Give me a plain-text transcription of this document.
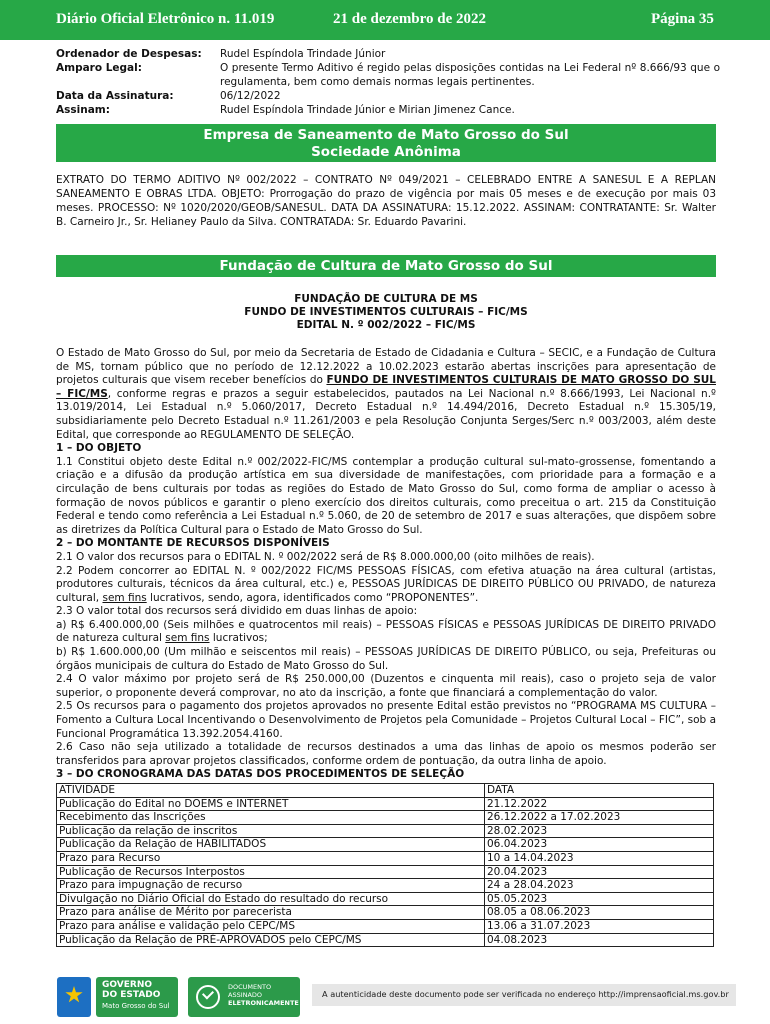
Diário Oficial Eletrônico n. 11.019	21 de dezembro de 2022	Página 35
Ordenador de Despesas:	Rudel Espíndola Trindade Júnior
Amparo Legal:	O presente Termo Aditivo é regido pelas disposições contidas na Lei Federal nº 8.666/93 que o regulamenta, bem como demais normas legais pertinentes.
Data da Assinatura:	06/12/2022
Assinam:	Rudel Espíndola Trindade Júnior e Mirian Jimenez Cance.
Empresa de Saneamento de Mato Grosso do Sul
Sociedade Anônima

EXTRATO DO TERMO ADITIVO Nº 002/2022 – CONTRATO Nº 049/2021 – CELEBRADO ENTRE A SANESUL E A REPLAN SANEAMENTO E OBRAS LTDA. OBJETO: Prorrogação do prazo de vigência por mais 05 meses e de execução por mais 03 meses. PROCESSO: Nº 1020/2020/GEOB/SANESUL. DATA DA ASSINATURA: 15.12.2022. ASSINAM: CONTRATANTE: Sr. Walter B. Carneiro Jr., Sr. Helianey Paulo da Silva. CONTRATADA: Sr. Eduardo Pavarini.

Fundação de Cultura de Mato Grosso do Sul
FUNDAÇÃO DE CULTURA DE MS
FUNDO DE INVESTIMENTOS CULTURAIS – FIC/MS
EDITAL N. º 002/2022 – FIC/MS

O Estado de Mato Grosso do Sul, por meio da Secretaria de Estado de Cidadania e Cultura – SECIC, e a Fundação de Cultura de MS, tornam público que no período de 12.12.2022 a 10.02.2023 estarão abertas inscrições para apresentação de projetos culturais que visem receber benefícios do FUNDO DE INVESTIMENTOS CULTURAIS DE MATO GROSSO DO SUL – FIC/MS, conforme regras e prazos a seguir estabelecidos, pautados na Lei Nacional n.º 8.666/1993, Lei Nacional n.º 13.019/2014, Lei Estadual n.º 5.060/2017, Decreto Estadual n.º 14.494/2016, Decreto Estadual n.º 15.305/19, subsidiariamente pelo Decreto Estadual n.º 11.261/2003 e pela Resolução Conjunta Serges/Serc n.º 003/2003, além deste Edital, que corresponde ao REGULAMENTO DE SELEÇÃO.

1 – DO OBJETO

1.1 Constitui objeto deste Edital n.º 002/2022-FIC/MS contemplar a produção cultural sul-mato-grossense, fomentando a criação e a difusão da produção artística em sua diversidade de manifestações, com prioridade para a formação e a circulação de bens culturais por todas as regiões do Estado de Mato Grosso do Sul, como forma de ampliar o acesso à formação de novos públicos e garantir o pleno exercício dos direitos culturais, como preceitua o art. 215 da Constituição Federal e tendo como referência a Lei Estadual n.º 5.060, de 20 de setembro de 2017 e suas alterações, que dispõem sobre as diretrizes da Política Cultural para o Estado de Mato Grosso do Sul.

2 – DO MONTANTE DE RECURSOS DISPONÍVEIS

2.1 O valor dos recursos para o EDITAL N. º 002/2022 será de R$ 8.000.000,00 (oito milhões de reais).

2.2 Podem concorrer ao EDITAL N. º 002/2022 FIC/MS PESSOAS FÍSICAS, com efetiva atuação na área cultural (artistas, produtores culturais, técnicos da área cultural, etc.) e, PESSOAS JURÍDICAS DE DIREITO PÚBLICO OU PRIVADO, de natureza cultural, sem fins lucrativos, sendo, agora, identificados como “PROPONENTES”.

2.3 O valor total dos recursos será dividido em duas linhas de apoio:

a) R$ 6.400.000,00 (Seis milhões e quatrocentos mil reais) – PESSOAS FÍSICAS e PESSOAS JURÍDICAS DE DIREITO PRIVADO de natureza cultural sem fins lucrativos;

b) R$ 1.600.000,00 (Um milhão e seiscentos mil reais) – PESSOAS JURÍDICAS DE DIREITO PÚBLICO, ou seja, Prefeituras ou órgãos municipais de cultura do Estado de Mato Grosso do Sul.

2.4 O valor máximo por projeto será de R$ 250.000,00 (Duzentos e cinquenta mil reais), caso o projeto seja de valor superior, o proponente deverá comprovar, no ato da inscrição, a fonte que financiará a complementação do valor.

2.5 Os recursos para o pagamento dos projetos aprovados no presente Edital estão previstos no “PROGRAMA MS CULTURA – Fomento a Cultura Local Incentivando o Desenvolvimento de Projetos pela Comunidade – Projetos Cultural Local – FIC”, sob a Funcional Programática 13.392.2054.4160.

2.6 Caso não seja utilizado a totalidade de recursos destinados a uma das linhas de apoio os mesmos poderão ser transferidos para aprovar projetos classificados, conforme ordem de pontuação, da outra linha de apoio.

3 – DO CRONOGRAMA DAS DATAS DOS PROCEDIMENTOS DE SELEÇÃO

ATIVIDADE	DATA
Publicação do Edital no DOEMS e INTERNET	21.12.2022
Recebimento das Inscrições	26.12.2022 a 17.02.2023
Publicação da relação de inscritos	28.02.2023
Publicação da Relação de HABILITADOS	06.04.2023
Prazo para Recurso	10 a 14.04.2023
Publicação de Recursos Interpostos	20.04.2023
Prazo para impugnação de recurso	24 a 28.04.2023
Divulgação no Diário Oficial do Estado do resultado do recurso	05.05.2023
Prazo para análise de Mérito por parecerista	08.05 a 08.06.2023
Prazo para análise e validação pelo CEPC/MS	13.06 a 31.07.2023
Publicação da Relação de PRÉ-APROVADOS pelo CEPC/MS	04.08.2023
GOVERNO
DO ESTADO
Mato Grosso do Sul
DOCUMENTO
ASSINADO
ELETRONICAMENTE
A autenticidade deste documento pode ser verificada no endereço http://imprensaoficial.ms.gov.br
